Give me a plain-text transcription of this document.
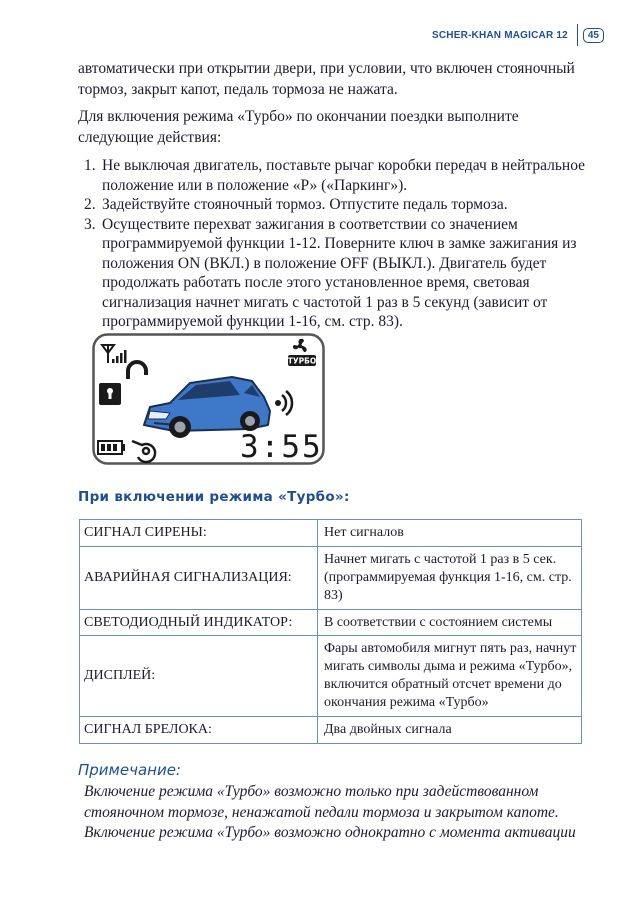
SCHER-KHAN MAGICAR 12	45

автоматически при открытии двери, при условии, что включен стояночный тормоз, закрыт капот, педаль тормоза не нажата.

Для включения режима «Турбо» по окончании поездки выполните следующие действия:

1. Не выключая двигатель, поставьте рычаг коробки передач в нейтральное положение или в положение «Р» («Паркинг»).
2. Задействуйте стояночный тормоз. Отпустите педаль тормоза.
3. Осуществите перехват зажигания в соответствии со значением программируемой функции 1-12. Поверните ключ в замке зажигания из положения ON (ВКЛ.) в положение OFF (ВЫКЛ.). Двигатель будет продолжать работать после этого установленное время, световая сигнализация начнет мигать с частотой 1 раз в 5 секунд (зависит от программируемой функции 1-16, см. стр. 83).
ТУРБО
3:55
При включении режима «Турбо»:
СИГНАЛ СИРЕНЫ:	Нет сигналов
АВАРИЙНАЯ СИГНАЛИЗАЦИЯ:	Начнет мигать с частотой 1 раз в 5 сек. (программируемая функция 1-16, см. стр. 83)
СВЕТОДИОДНЫЙ ИНДИКАТОР:	В соответствии с состоянием системы
ДИСПЛЕЙ:	Фары автомобиля мигнут пять раз, начнут мигать символы дыма и режима «Турбо», включится обратный отсчет времени до окончания режима «Турбо»
СИГНАЛ БРЕЛОКА:	Два двойных сигнала
Примечание:
Включение режима «Турбо» возможно только при задействованном
стояночном тормозе, ненажатой педали тормоза и закрытом капоте.
Включение режима «Турбо» возможно однократно с момента активации
